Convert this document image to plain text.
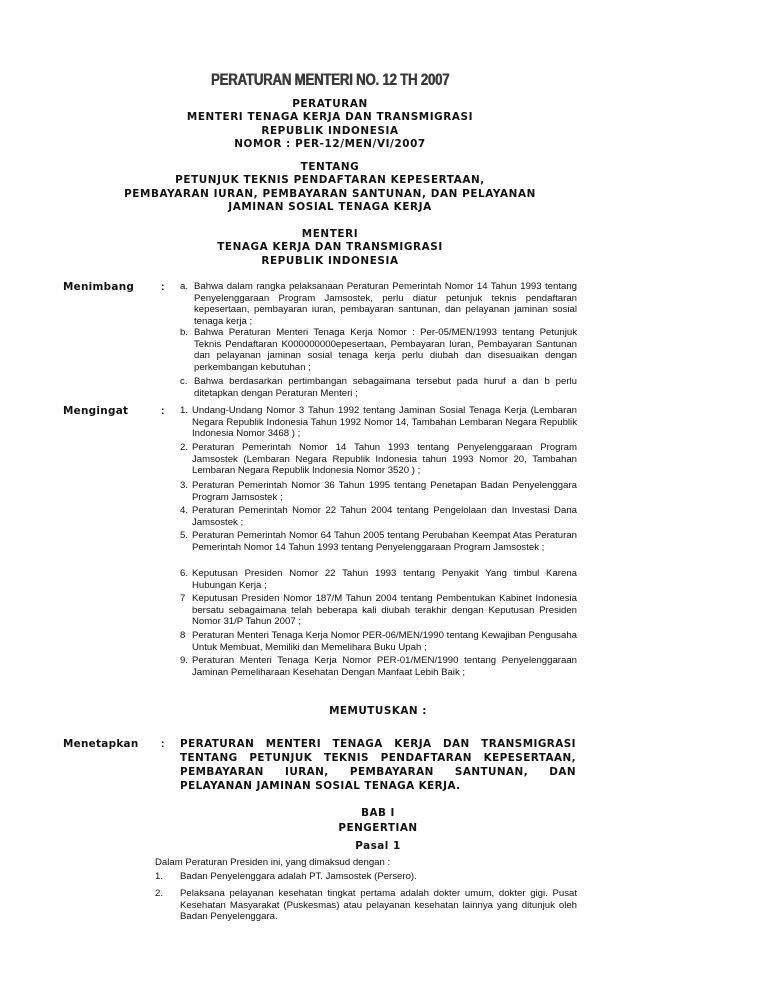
PERATURAN MENTERI NO. 12 TH 2007
PERATURAN
MENTERI TENAGA KERJA DAN TRANSMIGRASI
REPUBLIK INDONESIA
NOMOR : PER-12/MEN/VI/2007
TENTANG
PETUNJUK TEKNIS PENDAFTARAN KEPESERTAAN,
PEMBAYARAN IURAN, PEMBAYARAN SANTUNAN, DAN PELAYANAN
JAMINAN SOSIAL TENAGA KERJA
MENTERI
TENAGA KERJA DAN TRANSMIGRASI
REPUBLIK INDONESIA
Menimbang	: a. Bahwa dalam rangka pelaksanaan Peraturan Pemerintah Nomor 14 Tahun 1993 tentang Penyelenggaraan Program Jamsostek, perlu diatur petunjuk teknis pendaftaran kepesertaan, pembayaran iuran, pembayaran santunan, dan pelayanan jaminan sosial tenaga kerja ;
b. Bahwa Peraturan Menteri Tenaga Kerja Nomor : Per-05/MEN/1993 tentang Petunjuk Teknis Pendaftaran K000000000epesertaan, Pembayaran Iuran, Pembayaran Santunan dan pelayanan jaminan sosial tenaga kerja perlu diubah dan disesuaikan dengan perkembangan kebutuhan ;
c. Bahwa berdasarkan pertimbangan sebagaimana tersebut pada huruf a dan b perlu ditetapkan dengan Peraturan Menteri ;
Mengingat	: 1. Undang-Undang Nomor 3 Tahun 1992 tentang Jaminan Sosial Tenaga Kerja (Lembaran Negara Republik Indonesia Tahun 1992 Nomor 14, Tambahan Lembaran Negara Republik Indonesia Nomor 3468 ) ;
2. Peraturan Pemerintah Nomor 14 Tahun 1993 tentang Penyelenggaraan Program Jamsostek (Lembaran Negara Republik Indonesia tahun 1993 Nomor 20, Tambahan Lembaran Negara Republik Indonesia Nomor 3520 ) ;
3. Peraturan Pemerintah Nomor 36 Tahun 1995 tentang Penetapan Badan Penyelenggara Program Jamsostek ;
4. Peraturan Pemerintah Nomor 22 Tahun 2004 tentang Pengelolaan dan Investasi Dana Jamsostek ;
5. Peraturan Pemerintah Nomor 64 Tahun 2005 tentang Perubahan Keempat Atas Peraturan Pemerintah Nomor 14 Tahun 1993 tentang Penyelenggaraan Program Jamsostek ;
6. Keputusan Presiden Nomor 22 Tahun 1993 tentang Penyakit Yang timbul Karena Hubungan Kerja ;
7 Keputusan Presiden Nomor 187/M Tahun 2004 tentang Pembentukan Kabinet Indonesia bersatu sebagaimana telah beberapa kali diubah terakhir dengan Keputusan Presiden Nomor 31/P Tahun 2007 ;
8 Peraturan Menteri Tenaga Kerja Nomor PER-06/MEN/1990 tentang Kewajiban Pengusaha Untuk Membuat, Memiliki dan Memelihara Buku Upah ;
9. Peraturan Menteri Tenaga Kerja Nomor PER-01/MEN/1990 tentang Penyelenggaraan Jaminan Pemeliharaan Kesehatan Dengan Manfaat Lebih Baik ;
MEMUTUSKAN :
Menetapkan : PERATURAN MENTERI TENAGA KERJA DAN TRANSMIGRASI TENTANG PETUNJUK TEKNIS PENDAFTARAN KEPESERTAAN, PEMBAYARAN IURAN, PEMBAYARAN SANTUNAN, DAN PELAYANAN JAMINAN SOSIAL TENAGA KERJA.
BAB I
PENGERTIAN
Pasal 1
Dalam Peraturan Presiden ini, yang dimaksud dengan :
1. Badan Penyelenggara adalah PT. Jamsostek (Persero).
2. Pelaksana pelayanan kesehatan tingkat pertama adalah dokter umum, dokter gigi. Pusat Kesehatan Masyarakat (Puskesmas) atau pelayanan kesehatan lainnya yang ditunjuk oleh Badan Penyelenggara.
